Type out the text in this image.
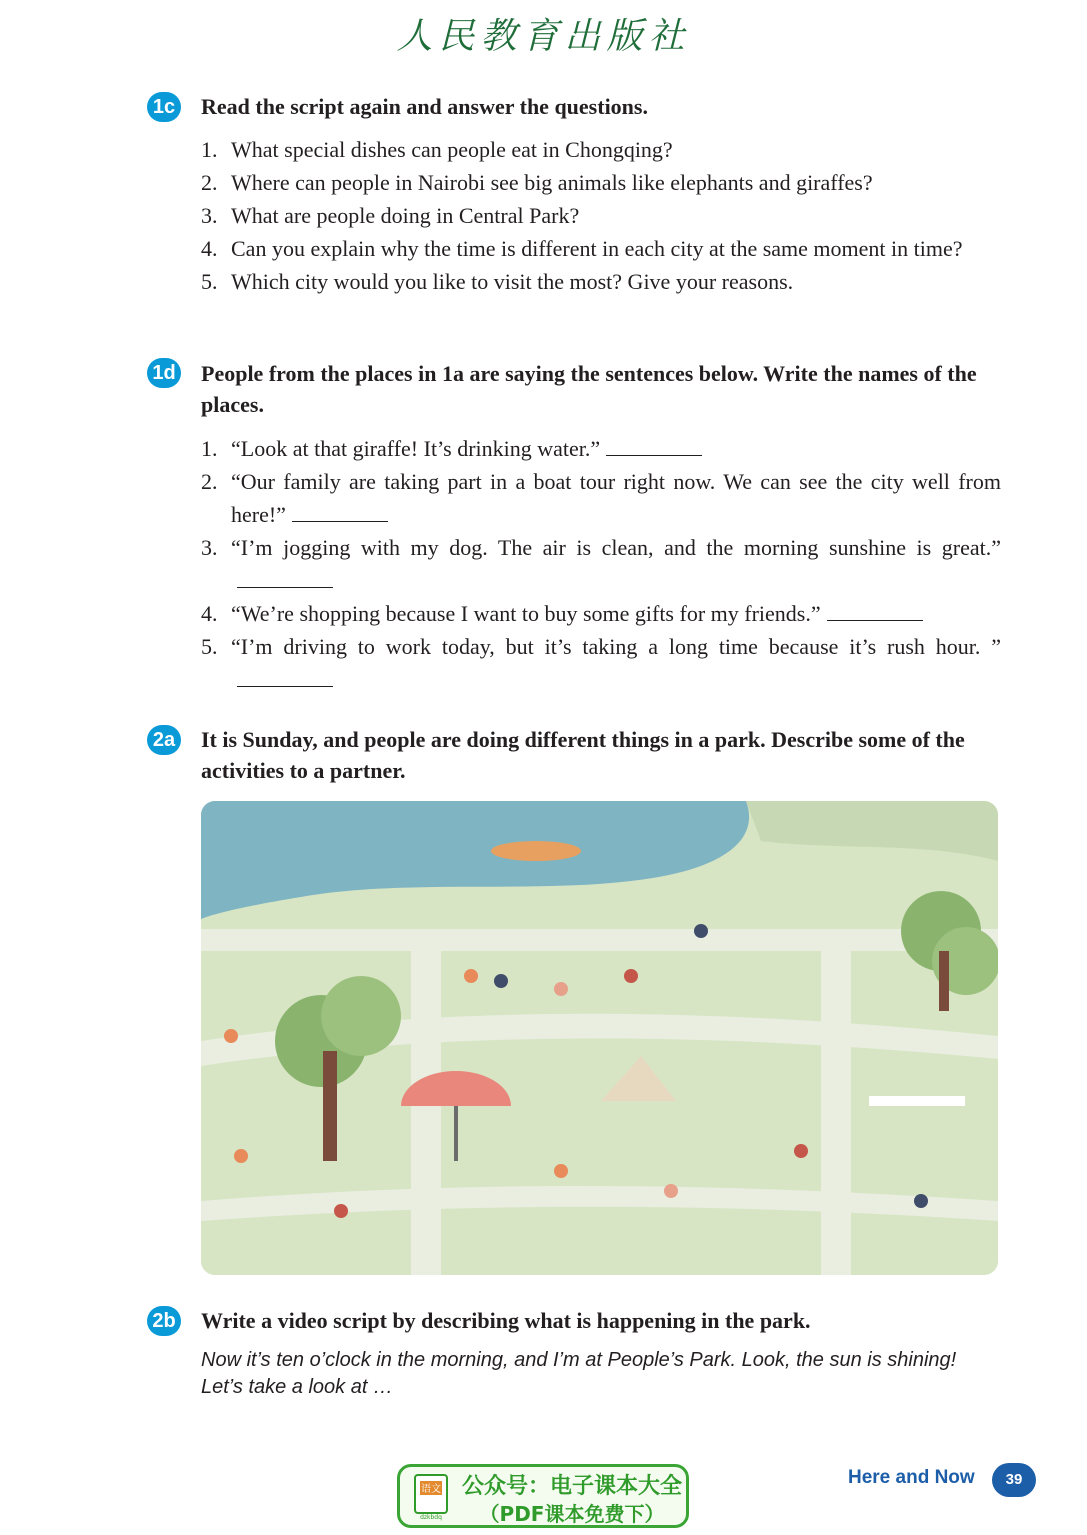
人民教育出版社
1c Read the script again and answer the questions.
1. What special dishes can people eat in Chongqing?
2. Where can people in Nairobi see big animals like elephants and giraffes?
3. What are people doing in Central Park?
4. Can you explain why the time is different in each city at the same moment in time?
5. Which city would you like to visit the most? Give your reasons.
1d People from the places in 1a are saying the sentences below. Write the names of the places.
1. “Look at that giraffe! It’s drinking water.”
2. “Our family are taking part in a boat tour right now. We can see the city well from here!”
3. “I’m jogging with my dog. The air is clean, and the morning sunshine is great.”
4. “We’re shopping because I want to buy some gifts for my friends.”
5. “I’m driving to work today, but it’s taking a long time because it’s rush hour. ”
2a It is Sunday, and people are doing different things in a park. Describe some of the activities to a partner.
2b Write a video script by describing what is happening in the park.
Now it’s ten o’clock in the morning, and I’m at People’s Park. Look, the sun is shining! Let’s take a look at …
语文
dzkbdq
公众号：电子课本大全
（PDF课本免费下）
Here and Now	39
